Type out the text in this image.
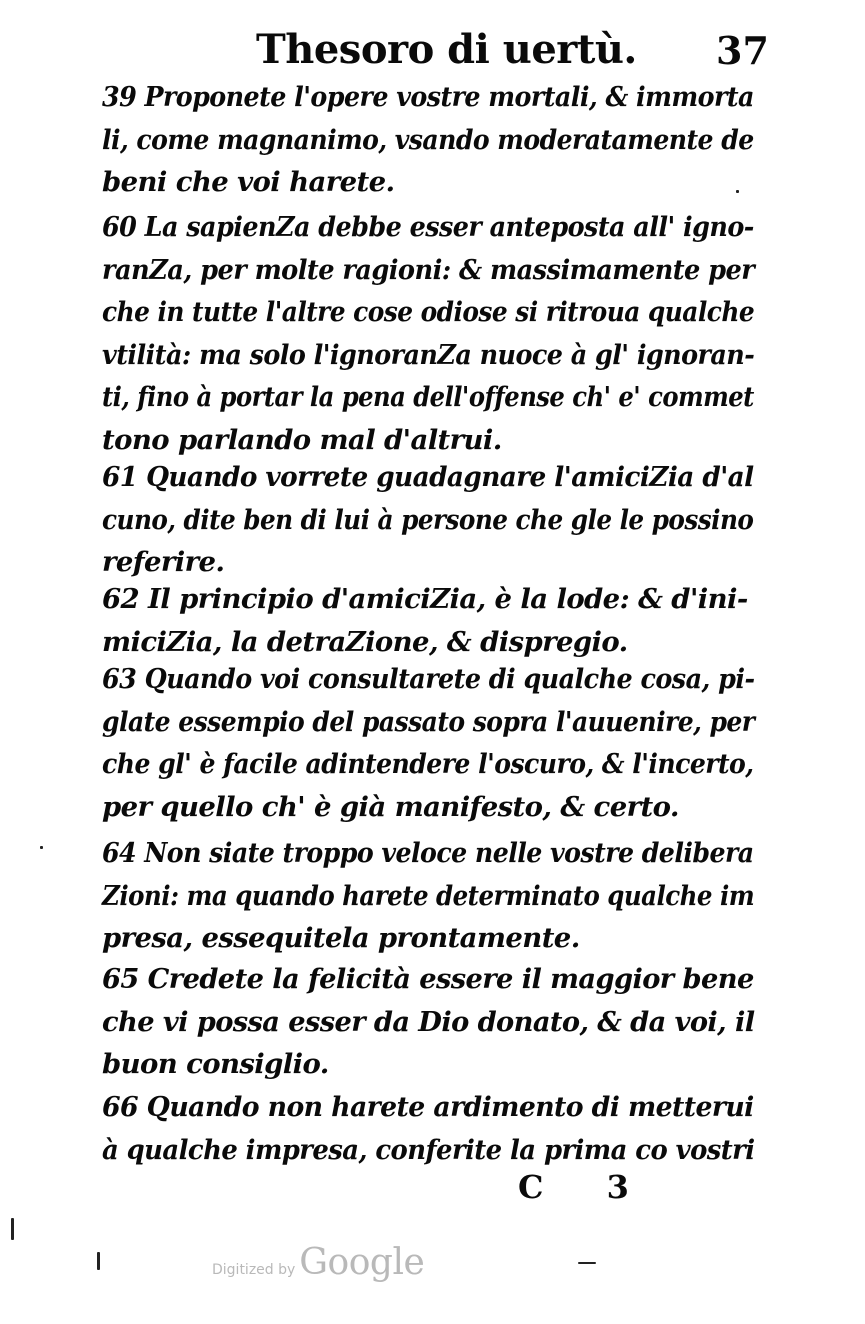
Thesoro di uertù. 37
39 Proponete l'opere vostre mortali, & immorta
li, come magnanimo, vsando moderatamente de
beni che voi harete.
60 La sapienZa debbe esser anteposta all' igno-
ranZa, per molte ragioni: & massimamente per
che in tutte l'altre cose odiose si ritroua qualche
vtilità: ma solo l'ignoranZa nuoce à gl' ignoran-
ti, fino à portar la pena dell'offense ch' e' commet
tono parlando mal d'altrui.
61 Quando vorrete guadagnare l'amiciZia d'al
cuno, dite ben di lui à persone che gle le possino
referire.
62 Il principio d'amiciZia, è la lode: & d'ini-
miciZia, la detraZione, & dispregio.
63 Quando voi consultarete di qualche cosa, pi-
glate essempio del passato sopra l'auuenire, per
che gl' è facile adintendere l'oscuro, & l'incerto,
per quello ch' è già manifesto, & certo.
64 Non siate troppo veloce nelle vostre delibera
Zioni: ma quando harete determinato qualche im
presa, essequitela prontamente.
65 Credete la felicità essere il maggior bene
che vi possa esser da Dio donato, & da voi, il
buon consiglio.
66 Quando non harete ardimento di metterui
à qualche impresa, conferite la prima co vostri
C 3
Digitized by Google
